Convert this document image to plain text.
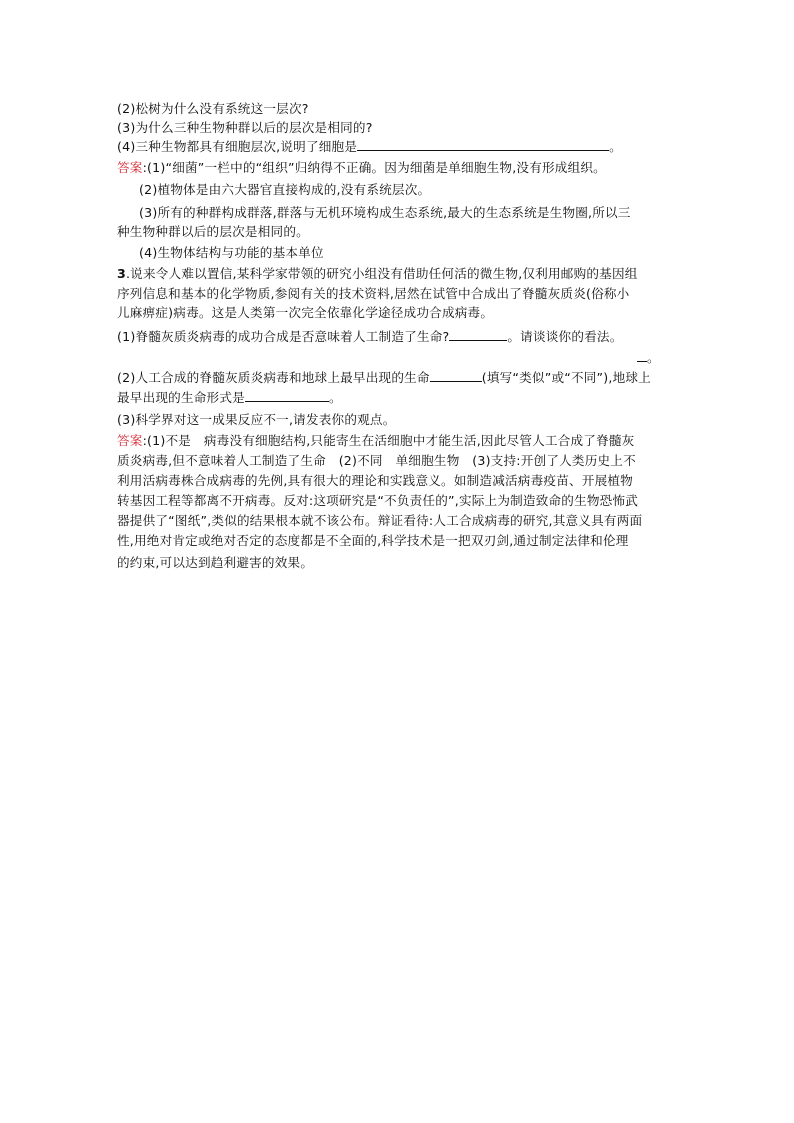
(2)松树为什么没有系统这一层次?
(3)为什么三种生物种群以后的层次是相同的?
(4)三种生物都具有细胞层次,说明了细胞是	。
答案:(1)“细菌”一栏中的“组织”归纳得不正确。因为细菌是单细胞生物,没有形成组织。
(2)植物体是由六大器官直接构成的,没有系统层次。
(3)所有的种群构成群落,群落与无机环境构成生态系统,最大的生态系统是生物圈,所以三
种生物种群以后的层次是相同的。
(4)生物体结构与功能的基本单位
3.说来令人难以置信,某科学家带领的研究小组没有借助任何活的微生物,仅利用邮购的基因组
序列信息和基本的化学物质,参阅有关的技术资料,居然在试管中合成出了脊髓灰质炎(俗称小
儿麻痹症)病毒。这是人类第一次完全依靠化学途径成功合成病毒。
(1)脊髓灰质炎病毒的成功合成是否意味着人工制造了生命?	。请谈谈你的看法。
。
(2)人工合成的脊髓灰质炎病毒和地球上最早出现的生命	(填写“类似”或“不同”),地球上
最早出现的生命形式是	。
(3)科学界对这一成果反应不一,请发表你的观点。
答案:(1)不是　病毒没有细胞结构,只能寄生在活细胞中才能生活,因此尽管人工合成了脊髓灰
质炎病毒,但不意味着人工制造了生命　(2)不同　单细胞生物　(3)支持:开创了人类历史上不
利用活病毒株合成病毒的先例,具有很大的理论和实践意义。如制造减活病毒疫苗、开展植物
转基因工程等都离不开病毒。反对:这项研究是“不负责任的”,实际上为制造致命的生物恐怖武
器提供了“图纸”,类似的结果根本就不该公布。辩证看待:人工合成病毒的研究,其意义具有两面
性,用绝对肯定或绝对否定的态度都是不全面的,科学技术是一把双刃剑,通过制定法律和伦理
的约束,可以达到趋利避害的效果。
